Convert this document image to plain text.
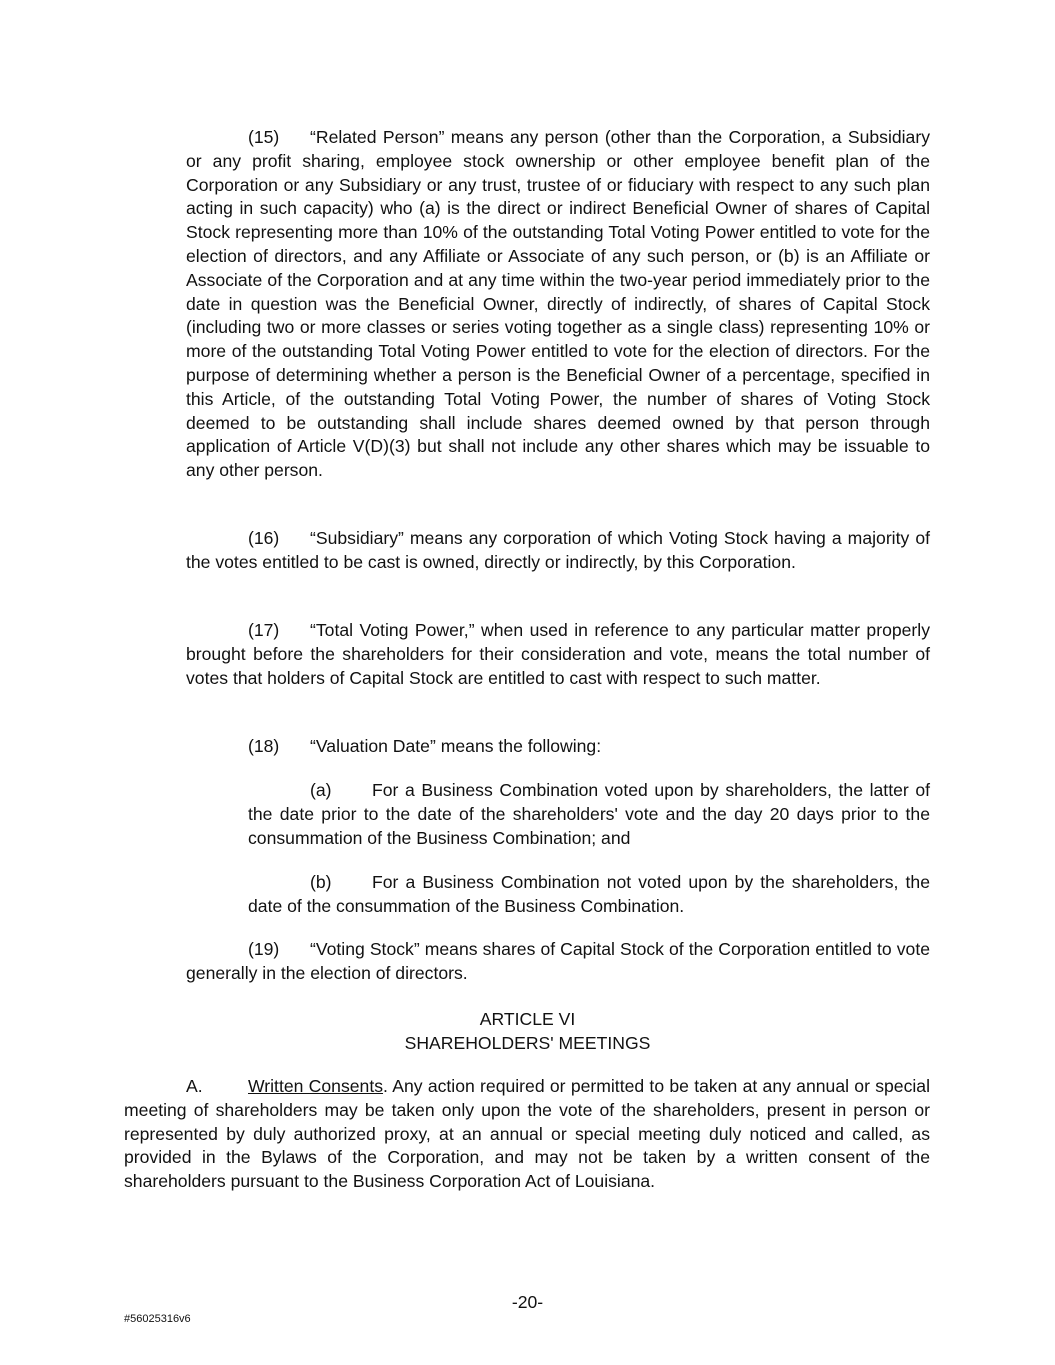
(15) “Related Person” means any person (other than the Corporation, a Subsidiary or any profit sharing, employee stock ownership or other employee benefit plan of the Corporation or any Subsidiary or any trust, trustee of or fiduciary with respect to any such plan acting in such capacity) who (a) is the direct or indirect Beneficial Owner of shares of Capital Stock representing more than 10% of the outstanding Total Voting Power entitled to vote for the election of directors, and any Affiliate or Associate of any such person, or (b) is an Affiliate or Associate of the Corporation and at any time within the two-year period immediately prior to the date in question was the Beneficial Owner, directly of indirectly, of shares of Capital Stock (including two or more classes or series voting together as a single class) representing 10% or more of the outstanding Total Voting Power entitled to vote for the election of directors. For the purpose of determining whether a person is the Beneficial Owner of a percentage, specified in this Article, of the outstanding Total Voting Power, the number of shares of Voting Stock deemed to be outstanding shall include shares deemed owned by that person through application of Article V(D)(3) but shall not include any other shares which may be issuable to any other person.
(16) “Subsidiary” means any corporation of which Voting Stock having a majority of the votes entitled to be cast is owned, directly or indirectly, by this Corporation.
(17) “Total Voting Power,” when used in reference to any particular matter properly brought before the shareholders for their consideration and vote, means the total number of votes that holders of Capital Stock are entitled to cast with respect to such matter.
(18) “Valuation Date” means the following:
(a) For a Business Combination voted upon by shareholders, the latter of the date prior to the date of the shareholders' vote and the day 20 days prior to the consummation of the Business Combination; and
(b) For a Business Combination not voted upon by the shareholders, the date of the consummation of the Business Combination.
(19) “Voting Stock” means shares of Capital Stock of the Corporation entitled to vote generally in the election of directors.
ARTICLE VI
SHAREHOLDERS' MEETINGS
A.	Written Consents. Any action required or permitted to be taken at any annual or special meeting of shareholders may be taken only upon the vote of the shareholders, present in person or represented by duly authorized proxy, at an annual or special meeting duly noticed and called, as provided in the Bylaws of the Corporation, and may not be taken by a written consent of the shareholders pursuant to the Business Corporation Act of Louisiana.
-20-
#56025316v6
